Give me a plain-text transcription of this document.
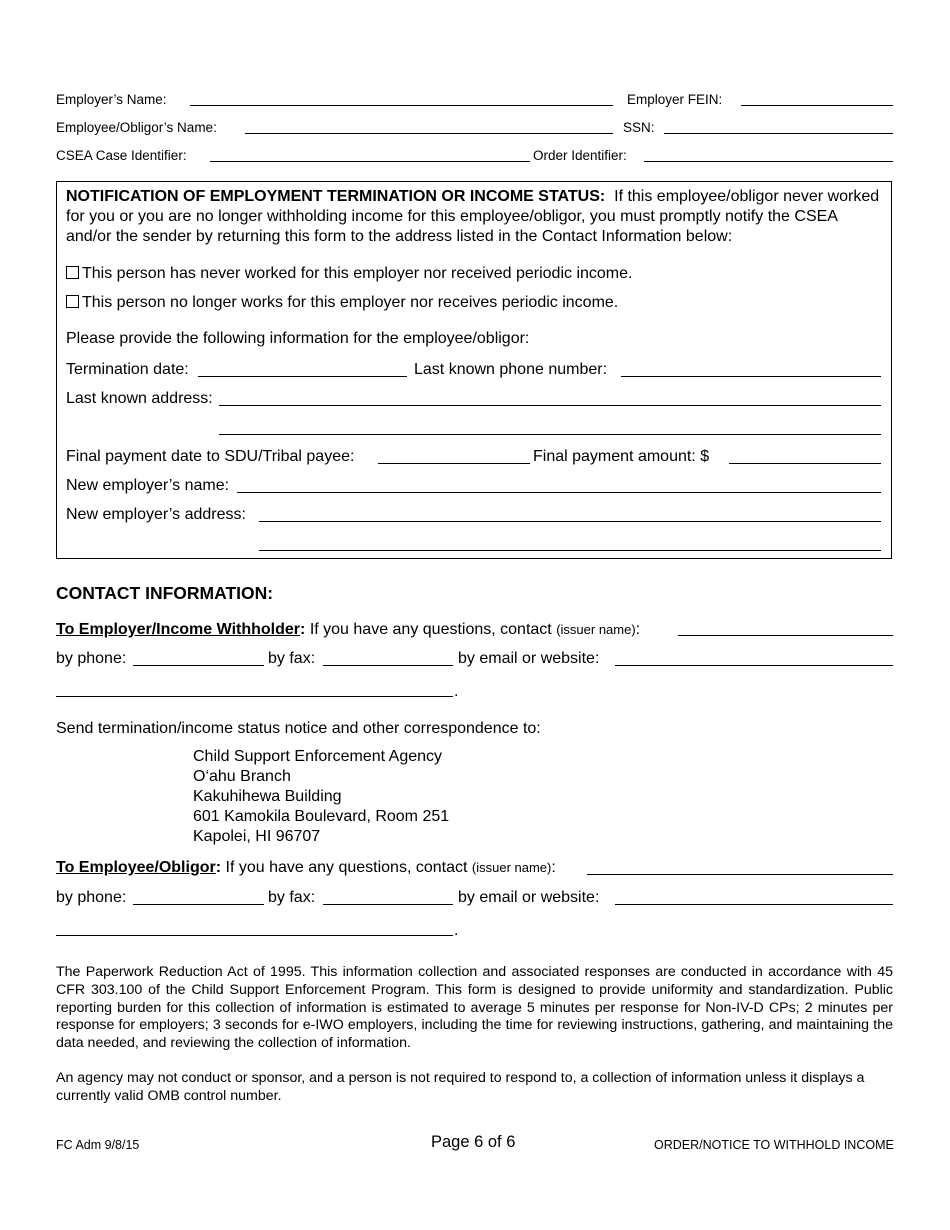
Employer’s Name:	Employer FEIN:
Employee/Obligor’s Name:	SSN:
CSEA Case Identifier:	Order Identifier:
NOTIFICATION OF EMPLOYMENT TERMINATION OR INCOME STATUS: If this employee/obligor never worked for you or you are no longer withholding income for this employee/obligor, you must promptly notify the CSEA and/or the sender by returning this form to the address listed in the Contact Information below:
This person has never worked for this employer nor received periodic income.
This person no longer works for this employer nor receives periodic income.
Please provide the following information for the employee/obligor:
Termination date:	Last known phone number:
Last known address:
Final payment date to SDU/Tribal payee:	Final payment amount: $
New employer’s name:
New employer’s address:
CONTACT INFORMATION:
To Employer/Income Withholder: If you have any questions, contact (issuer name):
by phone:	by fax:	by email or website:
.
Send termination/income status notice and other correspondence to:
Child Support Enforcement Agency
O‘ahu Branch
Kakuhihewa Building
601 Kamokila Boulevard, Room 251
Kapolei, HI 96707
To Employee/Obligor: If you have any questions, contact (issuer name):
by phone:	by fax:	by email or website:
.
The Paperwork Reduction Act of 1995. This information collection and associated responses are conducted in accordance with 45 CFR 303.100 of the Child Support Enforcement Program. This form is designed to provide uniformity and standardization. Public reporting burden for this collection of information is estimated to average 5 minutes per response for Non-IV-D CPs; 2 minutes per response for employers; 3 seconds for e-IWO employers, including the time for reviewing instructions, gathering, and maintaining the data needed, and reviewing the collection of information.
An agency may not conduct or sponsor, and a person is not required to respond to, a collection of information unless it displays a currently valid OMB control number.
FC Adm 9/8/15	Page 6 of 6	ORDER/NOTICE TO WITHHOLD INCOME
